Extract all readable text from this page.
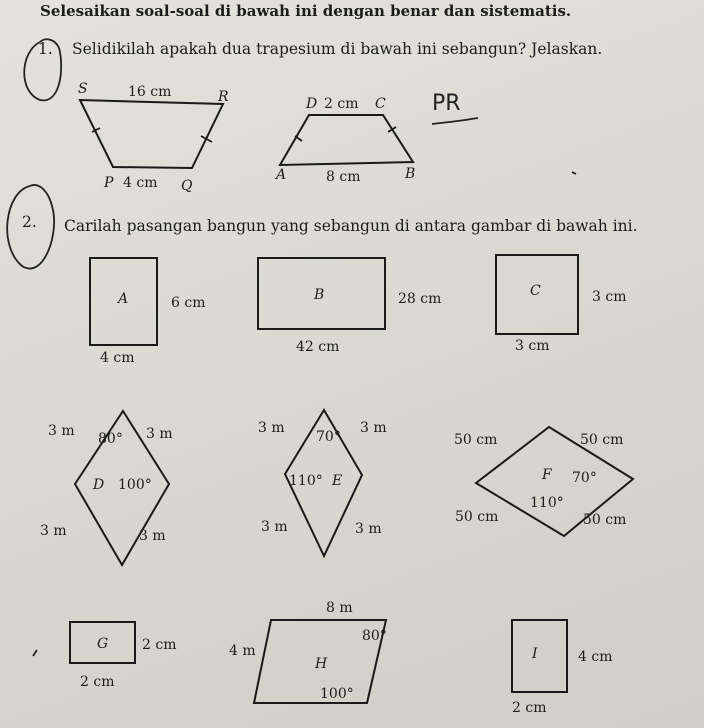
PR
Selesaikan soal-soal di bawah ini dengan benar dan sistematis.
1. Selidikilah apakah dua trapesium di bawah ini sebangun? Jelaskan.
S	16 cm	R
P 4 cm Q
D 2 cm C
A	8 cm	B
2. Carilah pasangan bangun yang sebangun di antara gambar di bawah ini.
A	6 cm
4 cm
B	28 cm
42 cm
C	3 cm
3 cm
3 m 80° 3 m
D 100°
3 m	3 m
3 m
70°
3 m
110° E
3 m	3 m
50 cm	50 cm
F 70°
110°
50 cm	50 cm
G 2 cm
2 cm
8 m
80°
4 m
H
100°
I	4 cm
2 cm
